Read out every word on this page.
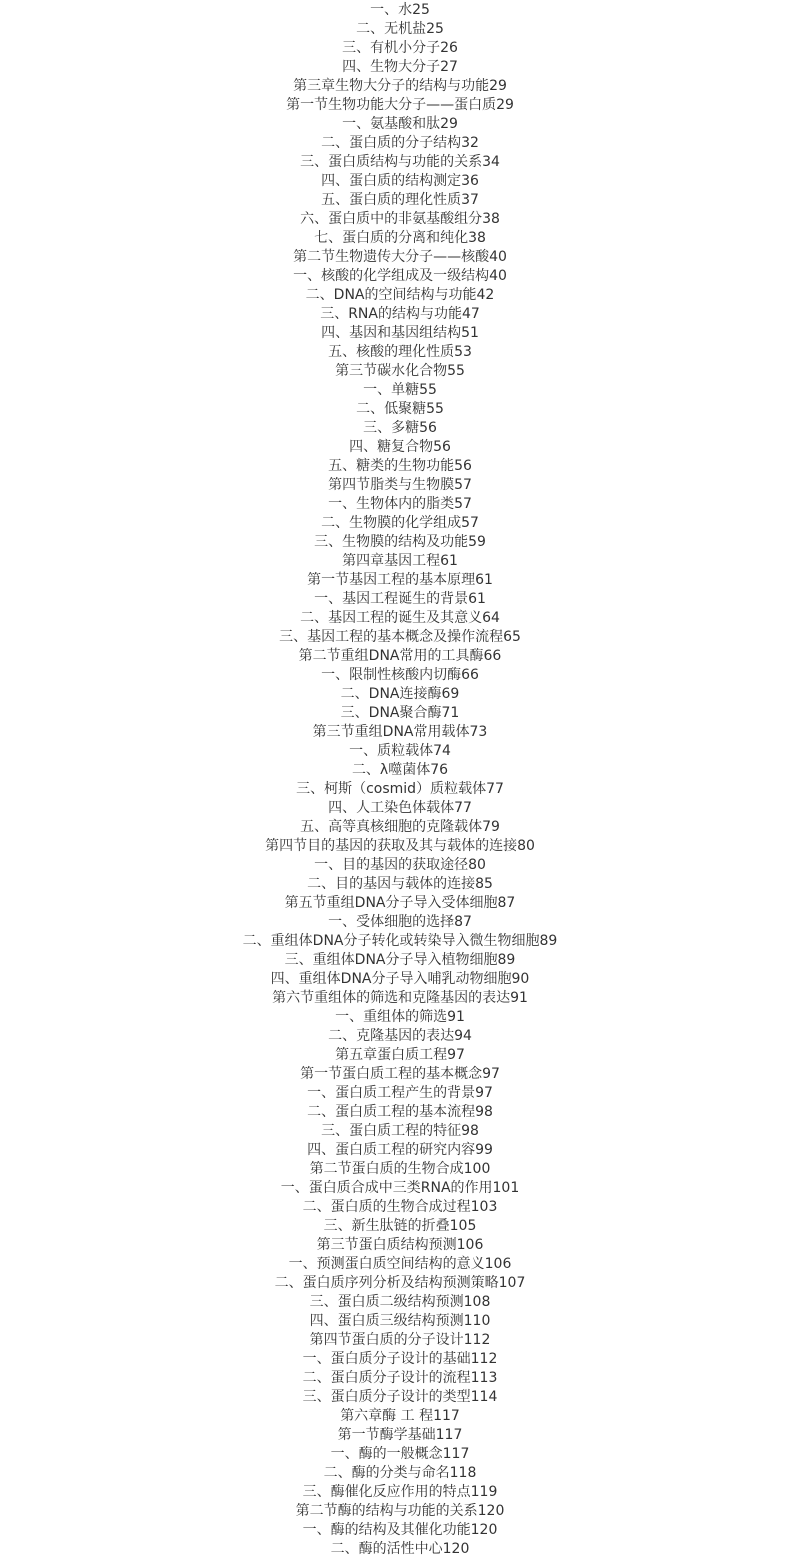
一、水25
二、无机盐25
三、有机小分子26
四、生物大分子27
第三章生物大分子的结构与功能29
第一节生物功能大分子——蛋白质29
一、氨基酸和肽29
二、蛋白质的分子结构32
三、蛋白质结构与功能的关系34
四、蛋白质的结构测定36
五、蛋白质的理化性质37
六、蛋白质中的非氨基酸组分38
七、蛋白质的分离和纯化38
第二节生物遗传大分子——核酸40
一、核酸的化学组成及一级结构40
二、DNA的空间结构与功能42
三、RNA的结构与功能47
四、基因和基因组结构51
五、核酸的理化性质53
第三节碳水化合物55
一、单糖55
二、低聚糖55
三、多糖56
四、糖复合物56
五、糖类的生物功能56
第四节脂类与生物膜57
一、生物体内的脂类57
二、生物膜的化学组成57
三、生物膜的结构及功能59
第四章基因工程61
第一节基因工程的基本原理61
一、基因工程诞生的背景61
二、基因工程的诞生及其意义64
三、基因工程的基本概念及操作流程65
第二节重组DNA常用的工具酶66
一、限制性核酸内切酶66
二、DNA连接酶69
三、DNA聚合酶71
第三节重组DNA常用载体73
一、质粒载体74
二、λ噬菌体76
三、柯斯（cosmid）质粒载体77
四、人工染色体载体77
五、高等真核细胞的克隆载体79
第四节目的基因的获取及其与载体的连接80
一、目的基因的获取途径80
二、目的基因与载体的连接85
第五节重组DNA分子导入受体细胞87
一、受体细胞的选择87
二、重组体DNA分子转化或转染导入微生物细胞89
三、重组体DNA分子导入植物细胞89
四、重组体DNA分子导入哺乳动物细胞90
第六节重组体的筛选和克隆基因的表达91
一、重组体的筛选91
二、克隆基因的表达94
第五章蛋白质工程97
第一节蛋白质工程的基本概念97
一、蛋白质工程产生的背景97
二、蛋白质工程的基本流程98
三、蛋白质工程的特征98
四、蛋白质工程的研究内容99
第二节蛋白质的生物合成100
一、蛋白质合成中三类RNA的作用101
二、蛋白质的生物合成过程103
三、新生肽链的折叠105
第三节蛋白质结构预测106
一、预测蛋白质空间结构的意义106
二、蛋白质序列分析及结构预测策略107
三、蛋白质二级结构预测108
四、蛋白质三级结构预测110
第四节蛋白质的分子设计112
一、蛋白质分子设计的基础112
二、蛋白质分子设计的流程113
三、蛋白质分子设计的类型114
第六章酶 工 程117
第一节酶学基础117
一、酶的一般概念117
二、酶的分类与命名118
三、酶催化反应作用的特点119
第二节酶的结构与功能的关系120
一、酶的结构及其催化功能120
二、酶的活性中心120
